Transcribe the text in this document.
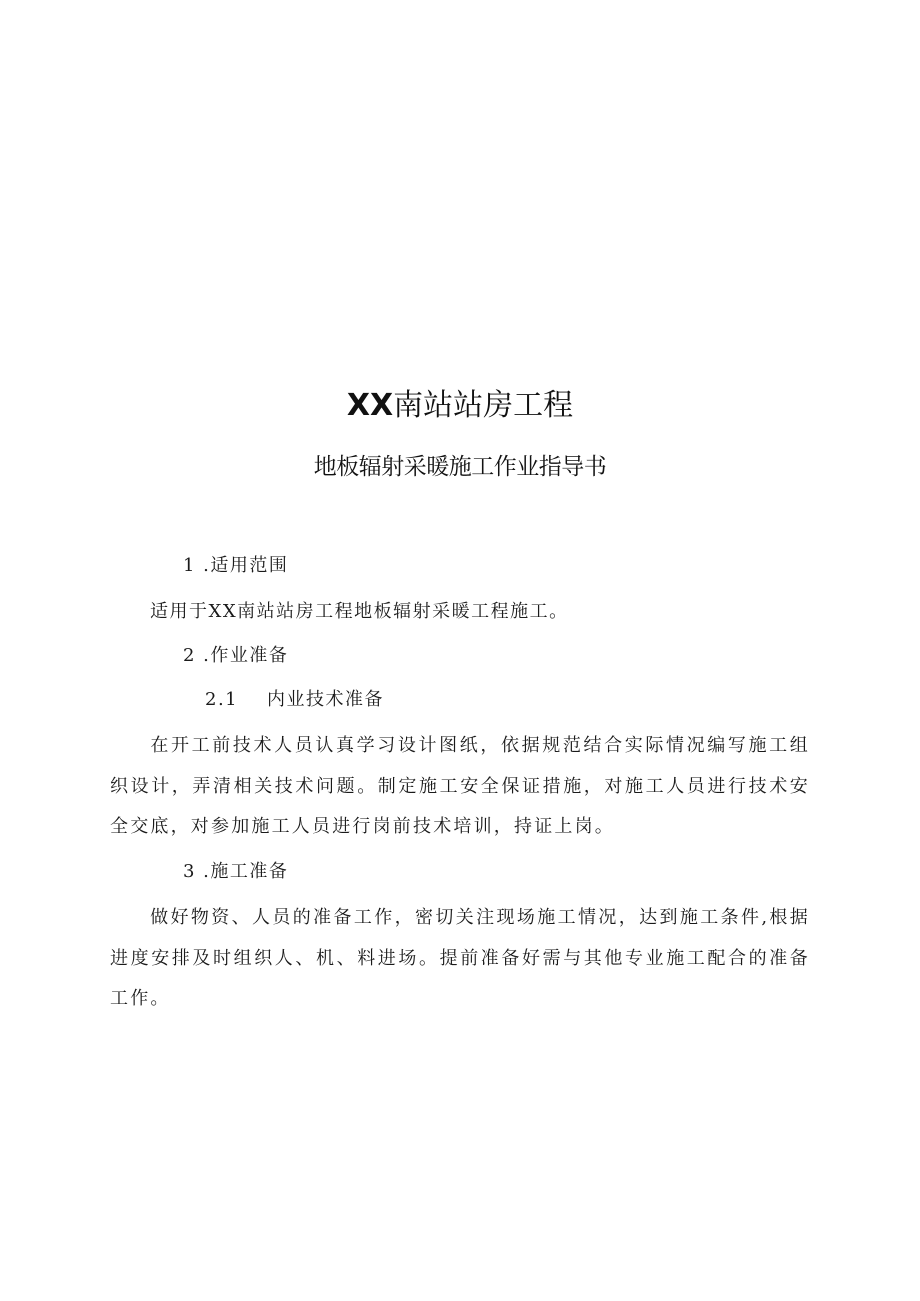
XX南站站房工程
地板辐射采暖施工作业指导书
1 .适用范围
适用于XX南站站房工程地板辐射采暖工程施工。
2 .作业准备
2.1    内业技术准备
在开工前技术人员认真学习设计图纸，依据规范结合实际情况编写施工组织设计，弄清相关技术问题。制定施工安全保证措施，对施工人员进行技术安全交底，对参加施工人员进行岗前技术培训，持证上岗。
3 .施工准备
做好物资、人员的准备工作，密切关注现场施工情况，达到施工条件,根据进度安排及时组织人、机、料进场。提前准备好需与其他专业施工配合的准备工作。
